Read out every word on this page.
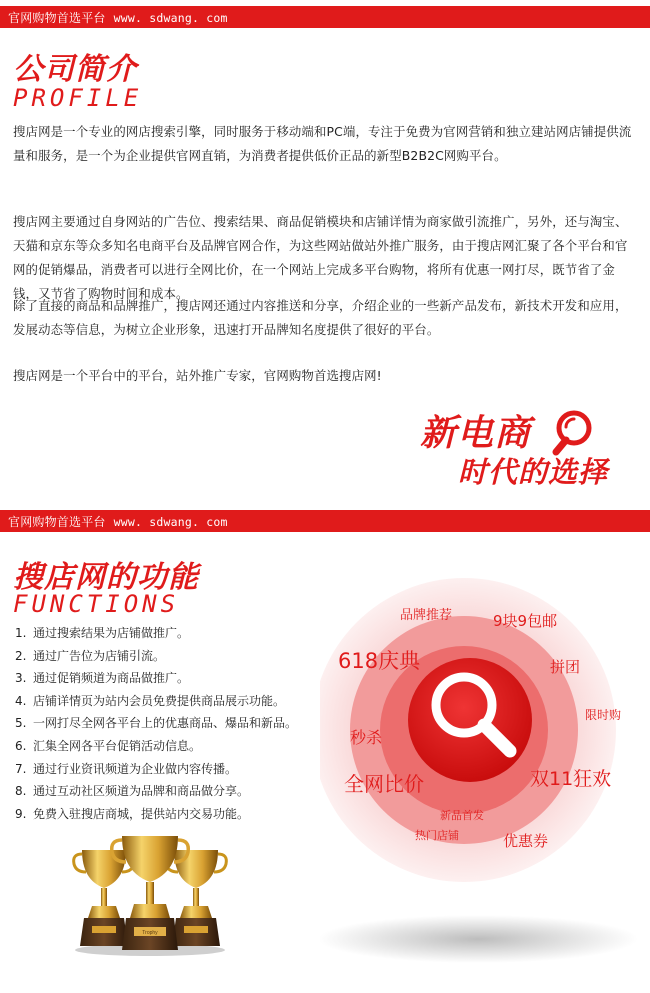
官网购物首选平台 www. sdwang. com
公司简介
PROFILE

搜店网是一个专业的网店搜索引擎，同时服务于移动端和PC端，专注于免费为官网营销和独立建站网店铺提供流量和服务，是一个为企业提供官网直销，为消费者提供低价正品的新型B2B2C网购平台。

搜店网主要通过自身网站的广告位、搜索结果、商品促销模块和店铺详情为商家做引流推广，另外，还与淘宝、天猫和京东等众多知名电商平台及品牌官网合作，为这些网站做站外推广服务，由于搜店网汇聚了各个平台和官网的促销爆品，消费者可以进行全网比价，在一个网站上完成多平台购物，将所有优惠一网打尽，既节省了金钱，又节省了购物时间和成本。

除了直接的商品和品牌推广，搜店网还通过内容推送和分享，介绍企业的一些新产品发布，新技术开发和应用，发展动态等信息，为树立企业形象，迅速打开品牌知名度提供了很好的平台。

搜店网是一个平台中的平台，站外推广专家，官网购物首选搜店网!

新电商
时代的选择
官网购物首选平台 www. sdwang. com
搜店网的功能
FUNCTIONS
1. 通过搜索结果为店铺做推广。
2. 通过广告位为店铺引流。
3. 通过促销频道为商品做推广。
4. 店铺详情页为站内会员免费提供商品展示功能。
5. 一网打尽全网各平台上的优惠商品、爆品和新品。
6. 汇集全网各平台促销活动信息。
7. 通过行业资讯频道为企业做内容传播。
8. 通过互动社区频道为品牌和商品做分享。
9. 免费入驻搜店商城，提供站内交易功能。
Trophy
品牌推荐	9块9包邮
618庆典	拼团
限时购
秒杀
全网比价	双11狂欢
新品首发
热门店铺	优惠券
